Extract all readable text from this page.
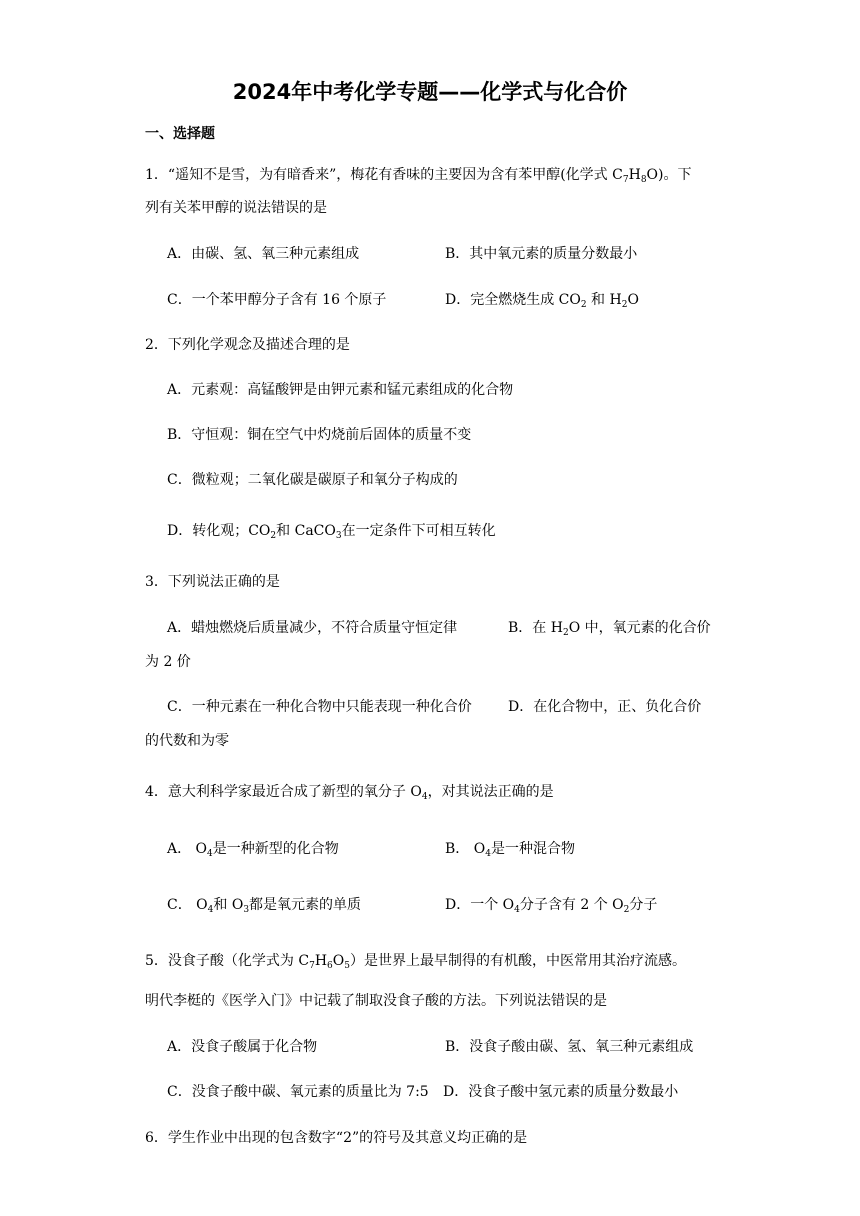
2024年中考化学专题——化学式与化合价
一、选择题
1．“遥知不是雪，为有暗香来”，梅花有香味的主要因为含有苯甲醇(化学式 $C_7H_8O$)。下
列有关苯甲醇的说法错误的是
A．由碳、氢、氧三种元素组成	B．其中氧元素的质量分数最小
C．一个苯甲醇分子含有 16 个原子	D．完全燃烧生成 $CO_2$ 和 $H_2O$
2．下列化学观念及描述合理的是
A．元素观：高锰酸钾是由钾元素和锰元素组成的化合物
B．守恒观：铜在空气中灼烧前后固体的质量不变
C．微粒观；二氧化碳是碳原子和氧分子构成的
D．转化观；$CO_2$和 CaCO$_3$在一定条件下可相互转化
3．下列说法正确的是
A．蜡烛燃烧后质量减少，不符合质量守恒定律	B．在 $H_2O$ 中，氧元素的化合价
为 2 价
C．一种元素在一种化合物中只能表现一种化合价	D．在化合物中，正、负化合价
的代数和为零
4．意大利科学家最近合成了新型的氧分子 $O_4$，对其说法正确的是
A． $O_4$是一种新型的化合物	B． $O_4$是一种混合物
C． $O_4$和 $O_3$都是氧元素的单质	D．一个 $O_4$分子含有 2 个 $O_2$分子
5．没食子酸（化学式为 $C_7H_6O_5$）是世界上最早制得的有机酸，中医常用其治疗流感。
明代李梃的《医学入门》中记载了制取没食子酸的方法。下列说法错误的是
A．没食子酸属于化合物	B．没食子酸由碳、氢、氧三种元素组成
C．没食子酸中碳、氧元素的质量比为 7:5 D．没食子酸中氢元素的质量分数最小
6．学生作业中出现的包含数字“2”的符号及其意义均正确的是
